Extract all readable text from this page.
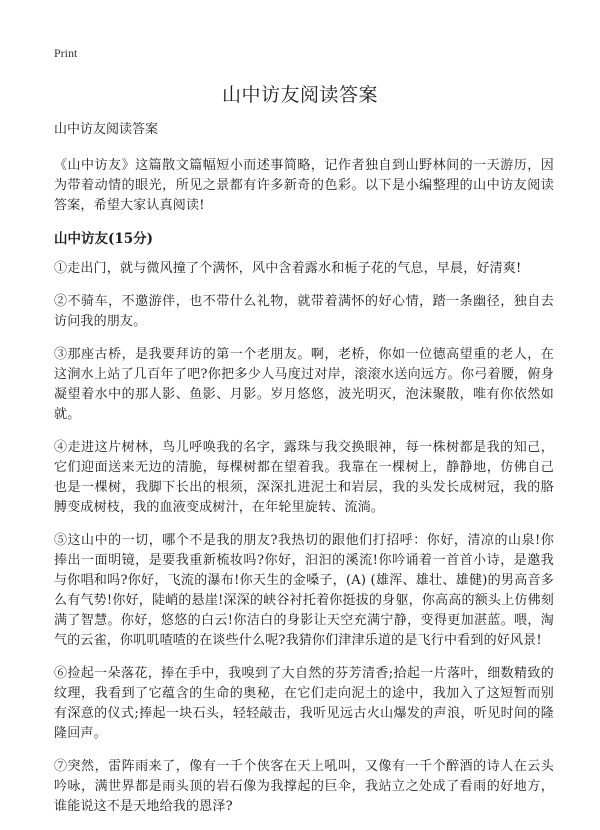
Print
山中访友阅读答案

山中访友阅读答案

《山中访友》这篇散文篇幅短小而述事简略，记作者独自到山野林间的一天游历，因为带着动情的眼光，所见之景都有许多新奇的色彩。以下是小编整理的山中访友阅读答案，希望大家认真阅读!

山中访友(15分)

①走出门，就与微风撞了个满怀，风中含着露水和栀子花的气息，早晨，好清爽!

②不骑车，不邀游伴，也不带什么礼物，就带着满怀的好心情，踏一条幽径，独自去访问我的朋友。

③那座古桥，是我要拜访的第一个老朋友。啊，老桥，你如一位德高望重的老人，在这涧水上站了几百年了吧?你把多少人马度过对岸，滚滚水送向远方。你弓着腰，俯身凝望着水中的那人影、鱼影、月影。岁月悠悠，波光明灭，泡沫聚散，唯有你依然如就。

④走进这片树林，鸟儿呼唤我的名字，露珠与我交换眼神，每一株树都是我的知己，它们迎面送来无边的清脆，每棵树都在望着我。我靠在一棵树上，静静地，仿佛自己也是一棵树，我脚下长出的根须，深深扎进泥土和岩层，我的头发长成树冠，我的胳膊变成树枝，我的血液变成树汁，在年轮里旋转、流淌。

⑤这山中的一切，哪个不是我的朋友?我热切的跟他们打招呼：你好，清凉的山泉!你捧出一面明镜，是要我重新梳妆吗?你好，汩汩的溪流!你吟诵着一首首小诗，是邀我与你唱和吗?你好，飞流的瀑布!你天生的金嗓子，(A) (雄浑、雄壮、雄健)的男高音多么有气势!你好，陡峭的悬崖!深深的峡谷衬托着你挺拔的身躯，你高高的额头上仿佛刻满了智慧。你好，悠悠的白云!你洁白的身影让天空充满宁静，变得更加湛蓝。喂，淘气的云雀，你叽叽喳喳的在谈些什么呢?我猜你们津津乐道的是飞行中看到的好风景!

⑥捡起一朵落花，捧在手中，我嗅到了大自然的芬芳清香;拾起一片落叶，细数精致的纹理，我看到了它蕴含的生命的奥秘，在它们走向泥土的途中，我加入了这短暂而别有深意的仪式;捧起一块石头，轻轻敲击，我听见远古火山爆发的声浪，听见时间的隆隆回声。

⑦突然，雷阵雨来了，像有一千个侠客在天上吼叫，又像有一千个醉酒的诗人在云头吟咏，满世界都是雨头顶的岩石像为我撑起的巨伞，我站立之处成了看雨的好地方，谁能说这不是天地给我的恩泽?
